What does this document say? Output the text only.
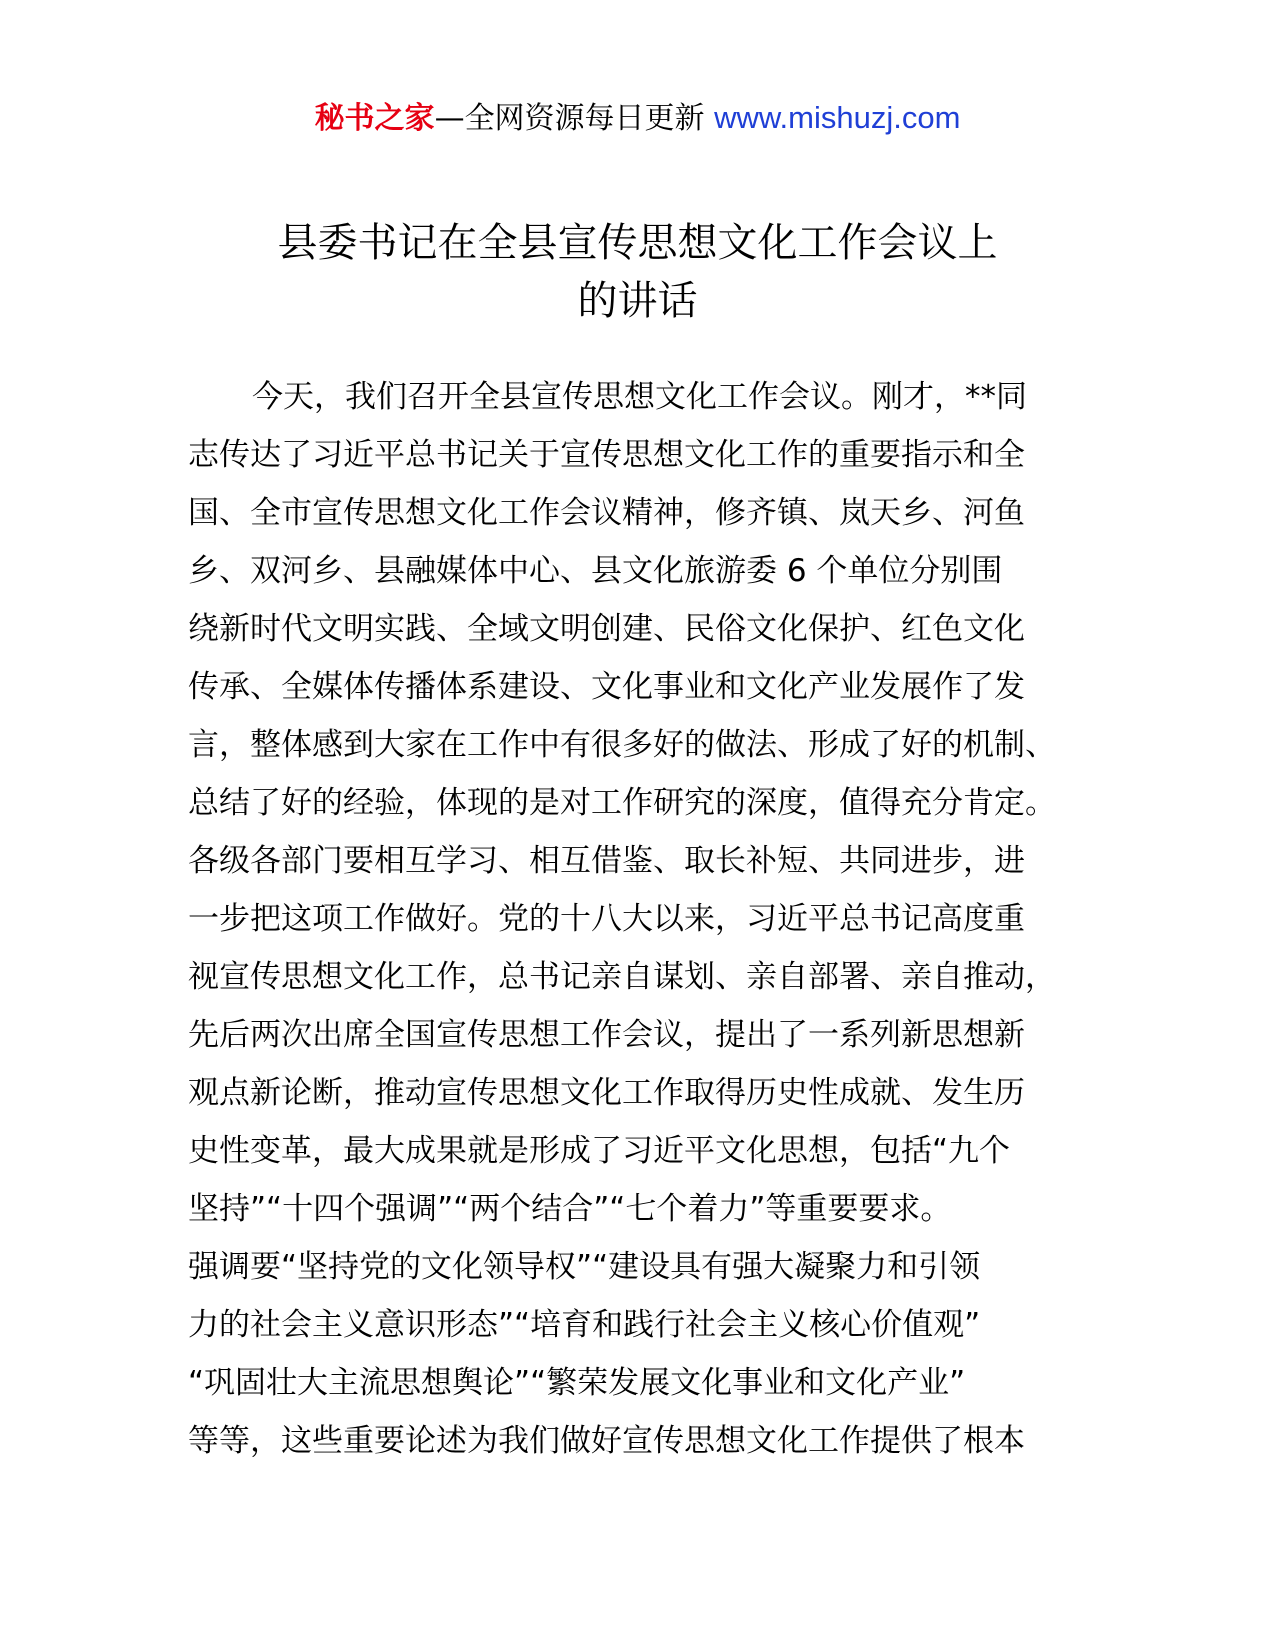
秘书之家—全网资源每日更新 www.mishuzj.com
县委书记在全县宣传思想文化工作会议上
的讲话
今天，我们召开全县宣传思想文化工作会议。刚才，**同
志传达了习近平总书记关于宣传思想文化工作的重要指示和全
国、全市宣传思想文化工作会议精神，修齐镇、岚天乡、河鱼
乡、双河乡、县融媒体中心、县文化旅游委 6 个单位分别围
绕新时代文明实践、全域文明创建、民俗文化保护、红色文化
传承、全媒体传播体系建设、文化事业和文化产业发展作了发
言，整体感到大家在工作中有很多好的做法、形成了好的机制、
总结了好的经验，体现的是对工作研究的深度，值得充分肯定。
各级各部门要相互学习、相互借鉴、取长补短、共同进步，进
一步把这项工作做好。党的十八大以来，习近平总书记高度重
视宣传思想文化工作，总书记亲自谋划、亲自部署、亲自推动，
先后两次出席全国宣传思想工作会议，提出了一系列新思想新
观点新论断，推动宣传思想文化工作取得历史性成就、发生历
史性变革，最大成果就是形成了习近平文化思想，包括“九个
坚持”“十四个强调”“两个结合”“七个着力”等重要要求。
强调要“坚持党的文化领导权”“建设具有强大凝聚力和引领
力的社会主义意识形态”“培育和践行社会主义核心价值观”
“巩固壮大主流思想舆论”“繁荣发展文化事业和文化产业”
等等，这些重要论述为我们做好宣传思想文化工作提供了根本
